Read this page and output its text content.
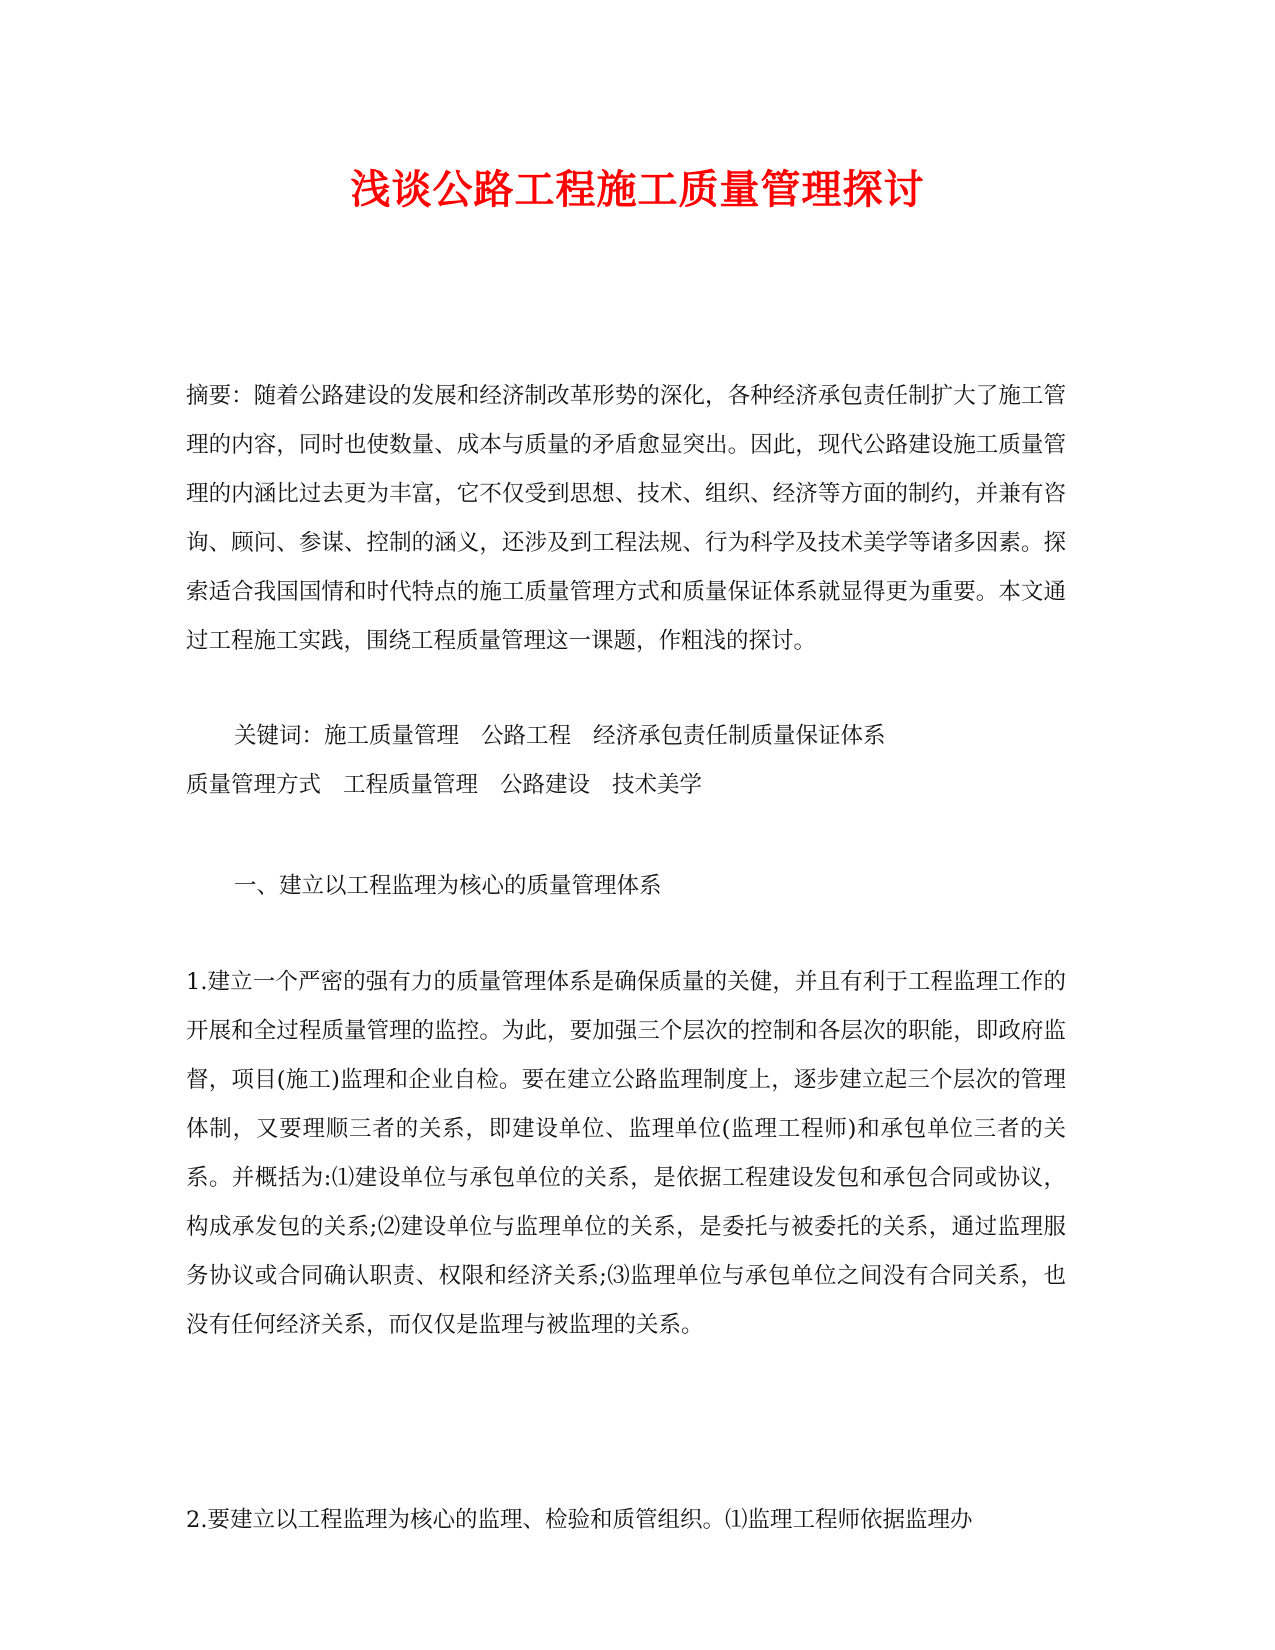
浅谈公路工程施工质量管理探讨

摘要：随着公路建设的发展和经济制改革形势的深化，各种经济承包责任制扩大了施工管理的内容，同时也使数量、成本与质量的矛盾愈显突出。因此，现代公路建设施工质量管理的内涵比过去更为丰富，它不仅受到思想、技术、组织、经济等方面的制约，并兼有咨询、顾问、参谋、控制的涵义，还涉及到工程法规、行为科学及技术美学等诸多因素。探索适合我国国情和时代特点的施工质量管理方式和质量保证体系就显得更为重要。本文通过工程施工实践，围绕工程质量管理这一课题，作粗浅的探讨。

关键词：施工质量管理 公路工程 经济承包责任制质量保证体系
质量管理方式 工程质量管理 公路建设 技术美学

一、建立以工程监理为核心的质量管理体系

1.建立一个严密的强有力的质量管理体系是确保质量的关健，并且有利于工程监理工作的开展和全过程质量管理的监控。为此，要加强三个层次的控制和各层次的职能，即政府监督，项目(施工)监理和企业自检。要在建立公路监理制度上，逐步建立起三个层次的管理体制，又要理顺三者的关系，即建设单位、监理单位(监理工程师)和承包单位三者的关系。并概括为:⑴建设单位与承包单位的关系，是依据工程建设发包和承包合同或协议，构成承发包的关系;⑵建设单位与监理单位的关系，是委托与被委托的关系，通过监理服务协议或合同确认职责、权限和经济关系;⑶监理单位与承包单位之间没有合同关系，也没有任何经济关系，而仅仅是监理与被监理的关系。

2.要建立以工程监理为核心的监理、检验和质管组织。⑴监理工程师依据监理办
